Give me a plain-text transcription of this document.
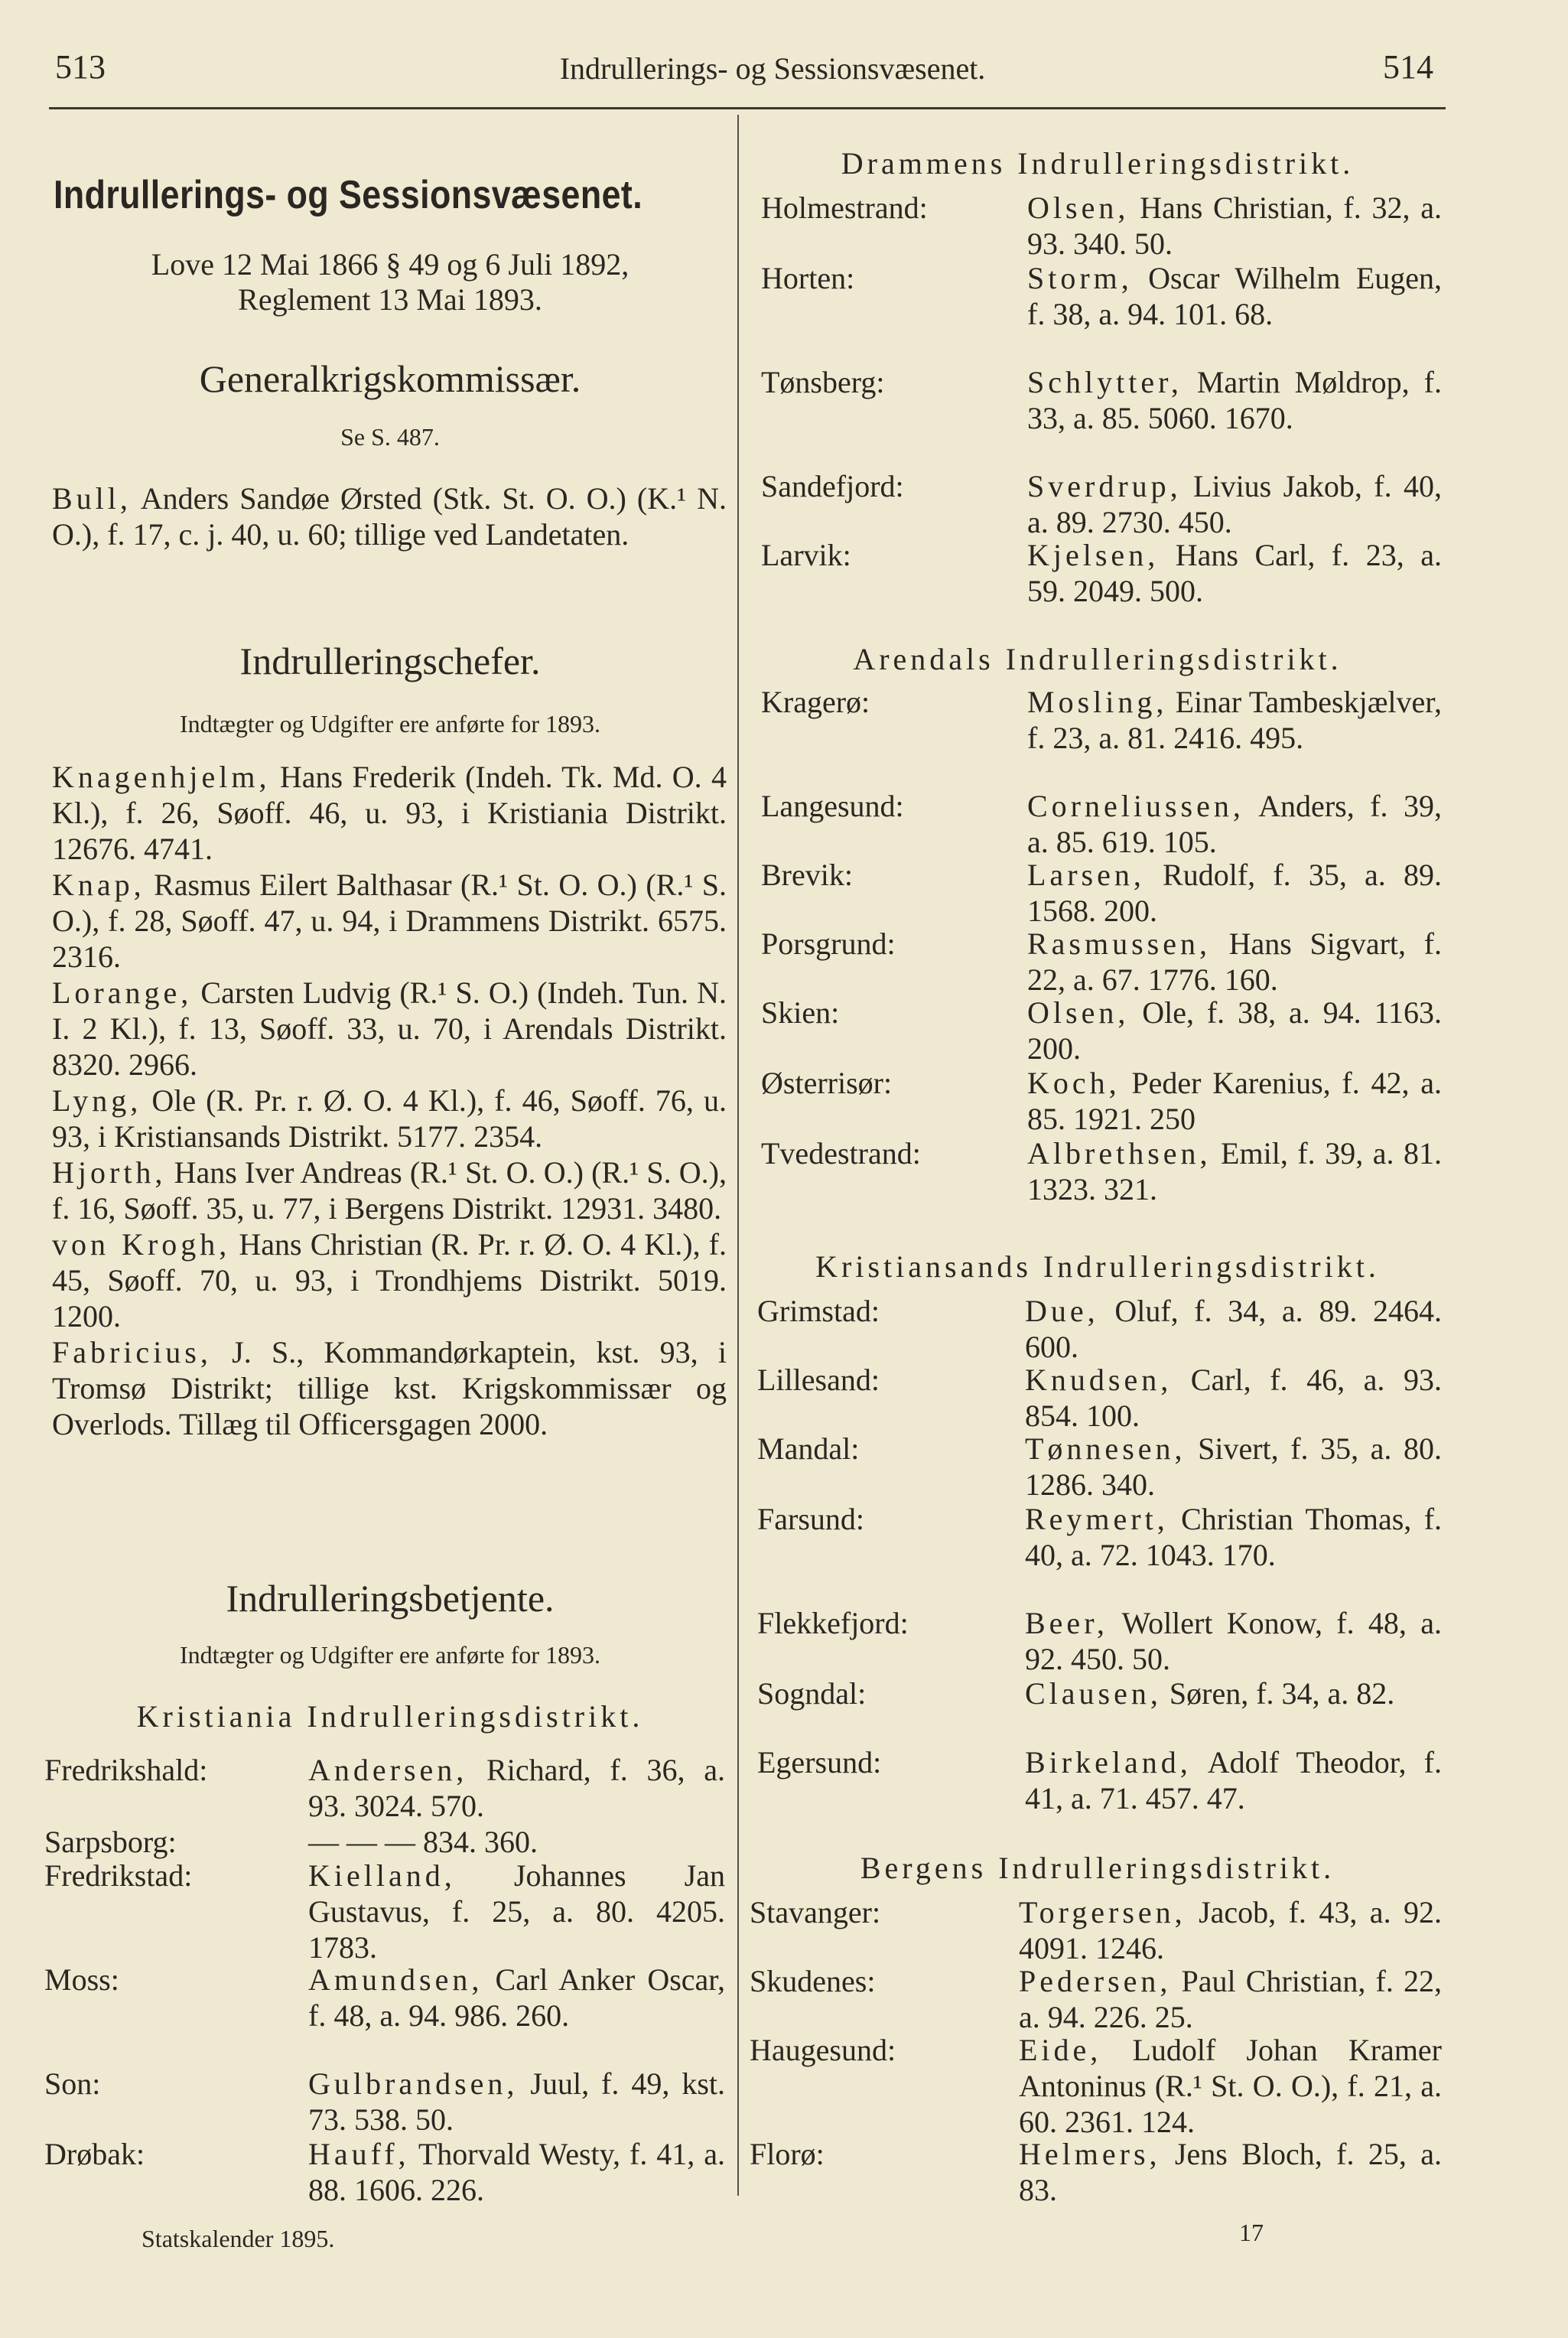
513	Indrullerings- og Sessionsvæsenet.	514
Indrullerings- og Sessionsvæsenet.
Love 12 Mai 1866 § 49 og 6 Juli 1892,
Reglement 13 Mai 1893.
Generalkrigskommissær.
Se S. 487.
Bull, Anders Sandøe Ørsted (Stk. St. O. O.) (K.¹ N. O.), f. 17, c. j. 40, u. 60; tillige ved Landetaten.
Indrulleringschefer.
Indtægter og Udgifter ere anførte for 1893.
Knagenhjelm, Hans Frederik (Indeh. Tk. Md. O. 4 Kl.), f. 26, Søoff. 46, u. 93, i Kristiania Distrikt. 12676. 4741.
Knap, Rasmus Eilert Balthasar (R.¹ St. O. O.) (R.¹ S. O.), f. 28, Søoff. 47, u. 94, i Drammens Distrikt. 6575. 2316.
Lorange, Carsten Ludvig (R.¹ S. O.) (Indeh. Tun. N. I. 2 Kl.), f. 13, Søoff. 33, u. 70, i Arendals Distrikt. 8320. 2966.
Lyng, Ole (R. Pr. r. Ø. O. 4 Kl.), f. 46, Søoff. 76, u. 93, i Kristiansands Distrikt. 5177. 2354.
Hjorth, Hans Iver Andreas (R.¹ St. O. O.) (R.¹ S. O.), f. 16, Søoff. 35, u. 77, i Bergens Distrikt. 12931. 3480.
von Krogh, Hans Christian (R. Pr. r. Ø. O. 4 Kl.), f. 45, Søoff. 70, u. 93, i Trondhjems Distrikt. 5019. 1200.
Fabricius, J. S., Kommandørkaptein, kst. 93, i Tromsø Distrikt; tillige kst. Krigskommissær og Overlods. Tillæg til Officersgagen 2000.
Indrulleringsbetjente.
Indtægter og Udgifter ere anførte for 1893.
Kristiania Indrulleringsdistrikt.
Fredrikshald:	Andersen, Richard, f. 36, a. 93. 3024. 570.
Sarpsborg:	— — — 834. 360.
Fredrikstad:	Kielland, Johannes Jan Gustavus, f. 25, a. 80. 4205. 1783.
Moss:	Amundsen, Carl Anker Oscar, f. 48, a. 94. 986. 260.
Son:	Gulbrandsen, Juul, f. 49, kst. 73. 538. 50.
Drøbak:	Hauff, Thorvald Westy, f. 41, a. 88. 1606. 226.
Statskalender 1895.
Drammens Indrulleringsdistrikt.
Holmestrand:	Olsen, Hans Christian, f. 32, a. 93. 340. 50.
Horten:	Storm, Oscar Wilhelm Eugen, f. 38, a. 94. 101. 68.
Tønsberg:	Schlytter, Martin Møldrop, f. 33, a. 85. 5060. 1670.
Sandefjord:	Sverdrup, Livius Jakob, f. 40, a. 89. 2730. 450.
Larvik:	Kjelsen, Hans Carl, f. 23, a. 59. 2049. 500.
Arendals Indrulleringsdistrikt.
Kragerø:	Mosling, Einar Tambeskjælver, f. 23, a. 81. 2416. 495.
Langesund:	Corneliussen, Anders, f. 39, a. 85. 619. 105.
Brevik:	Larsen, Rudolf, f. 35, a. 89. 1568. 200.
Porsgrund:	Rasmussen, Hans Sigvart, f. 22, a. 67. 1776. 160.
Skien:	Olsen, Ole, f. 38, a. 94. 1163. 200.
Østerrisør:	Koch, Peder Karenius, f. 42, a. 85. 1921. 250
Tvedestrand:	Albrethsen, Emil, f. 39, a. 81. 1323. 321.
Kristiansands Indrulleringsdistrikt.
Grimstad:	Due, Oluf, f. 34, a. 89. 2464. 600.
Lillesand:	Knudsen, Carl, f. 46, a. 93. 854. 100.
Mandal:	Tønnesen, Sivert, f. 35, a. 80. 1286. 340.
Farsund:	Reymert, Christian Thomas, f. 40, a. 72. 1043. 170.
Flekkefjord:	Beer, Wollert Konow, f. 48, a. 92. 450. 50.
Sogndal:	Clausen, Søren, f. 34, a. 82.
Egersund:	Birkeland, Adolf Theodor, f. 41, a. 71. 457. 47.
Bergens Indrulleringsdistrikt.
Stavanger:	Torgersen, Jacob, f. 43, a. 92. 4091. 1246.
Skudenes:	Pedersen, Paul Christian, f. 22, a. 94. 226. 25.
Haugesund:	Eide, Ludolf Johan Kramer Antoninus (R.¹ St. O. O.), f. 21, a. 60. 2361. 124.
Florø:	Helmers, Jens Bloch, f. 25, a. 83.
17
